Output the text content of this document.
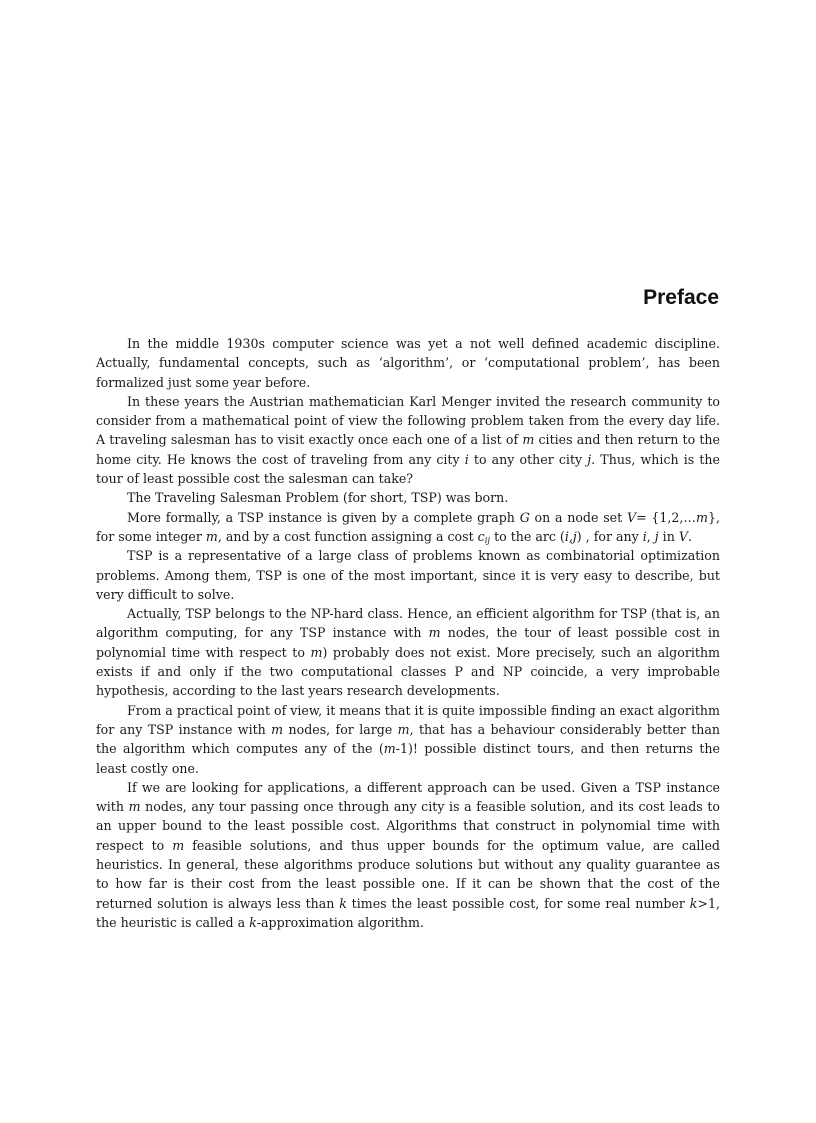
Preface

In the middle 1930s computer science was yet a not well defined academic discipline. Actually, fundamental concepts, such as ‘algorithm’, or ‘computational problem’, has been formalized just some year before.

In these years the Austrian mathematician Karl Menger invited the research community to consider from a mathematical point of view the following problem taken from the every day life. A traveling salesman has to visit exactly once each one of a list of m cities and then return to the home city. He knows the cost of traveling from any city i to any other city j. Thus, which is the tour of least possible cost the salesman can take?

The Traveling Salesman Problem (for short, TSP) was born.

More formally, a TSP instance is given by a complete graph G on a node set V= {1,2,…m}, for some integer m, and by a cost function assigning a cost $c_{ij}$ to the arc (i,j) , for any i, j in V.

TSP is a representative of a large class of problems known as combinatorial optimization problems. Among them, TSP is one of the most important, since it is very easy to describe, but very difficult to solve.

Actually, TSP belongs to the NP-hard class. Hence, an efficient algorithm for TSP (that is, an algorithm computing, for any TSP instance with m nodes, the tour of least possible cost in polynomial time with respect to m) probably does not exist. More precisely, such an algorithm exists if and only if the two computational classes P and NP coincide, a very improbable hypothesis, according to the last years research developments.

From a practical point of view, it means that it is quite impossible finding an exact algorithm for any TSP instance with m nodes, for large m, that has a behaviour considerably better than the algorithm which computes any of the (m-1)! possible distinct tours, and then returns the least costly one.

If we are looking for applications, a different approach can be used. Given a TSP instance with m nodes, any tour passing once through any city is a feasible solution, and its cost leads to an upper bound to the least possible cost. Algorithms that construct in polynomial time with respect to m feasible solutions, and thus upper bounds for the optimum value, are called heuristics. In general, these algorithms produce solutions but without any quality guarantee as to how far is their cost from the least possible one. If it can be shown that the cost of the returned solution is always less than k times the least possible cost, for some real number k>1, the heuristic is called a k-approximation algorithm.
